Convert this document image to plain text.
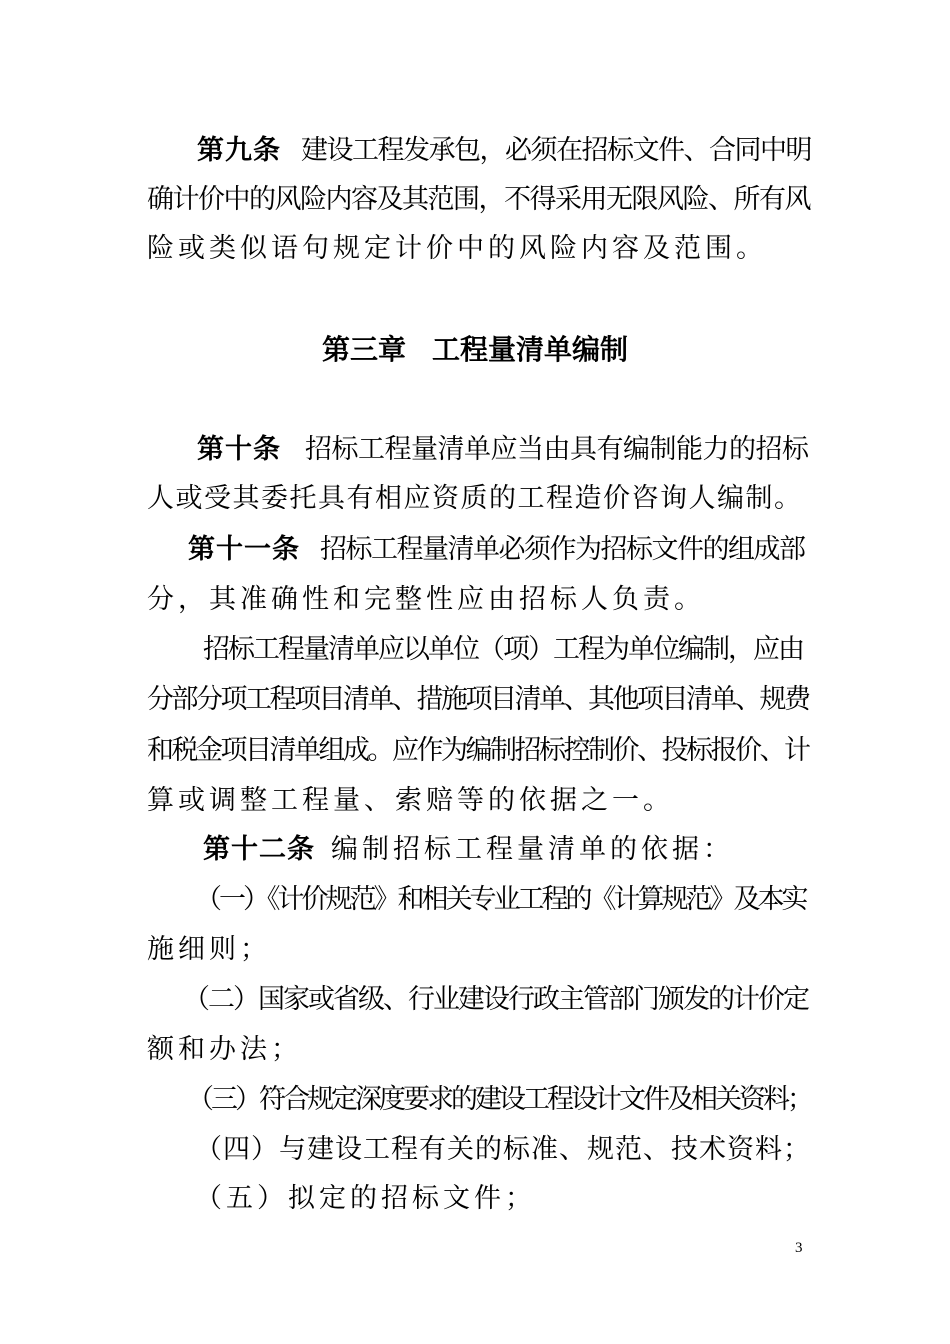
第九条 建设工程发承包，必须在招标文件、合同中明
确计价中的风险内容及其范围，不得采用无限风险、所有风
险或类似语句规定计价中的风险内容及范围。
第三章 工程量清单编制
第十条 招标工程量清单应当由具有编制能力的招标
人或受其委托具有相应资质的工程造价咨询人编制。
第十一条 招标工程量清单必须作为招标文件的组成部
分，其准确性和完整性应由招标人负责。
招标工程量清单应以单位（项）工程为单位编制，应由
分部分项工程项目清单、措施项目清单、其他项目清单、规费
和税金项目清单组成。应作为编制招标控制价、投标报价、计
算或调整工程量、索赔等的依据之一。
第十二条 编制招标工程量清单的依据：
（一）《计价规范》和相关专业工程的《计算规范》及本实
施细则；
（二）国家或省级、行业建设行政主管部门颁发的计价定
额和办法；
（三）符合规定深度要求的建设工程设计文件及相关资料；
（四）与建设工程有关的标准、规范、技术资料；
（五）拟定的招标文件；
3
